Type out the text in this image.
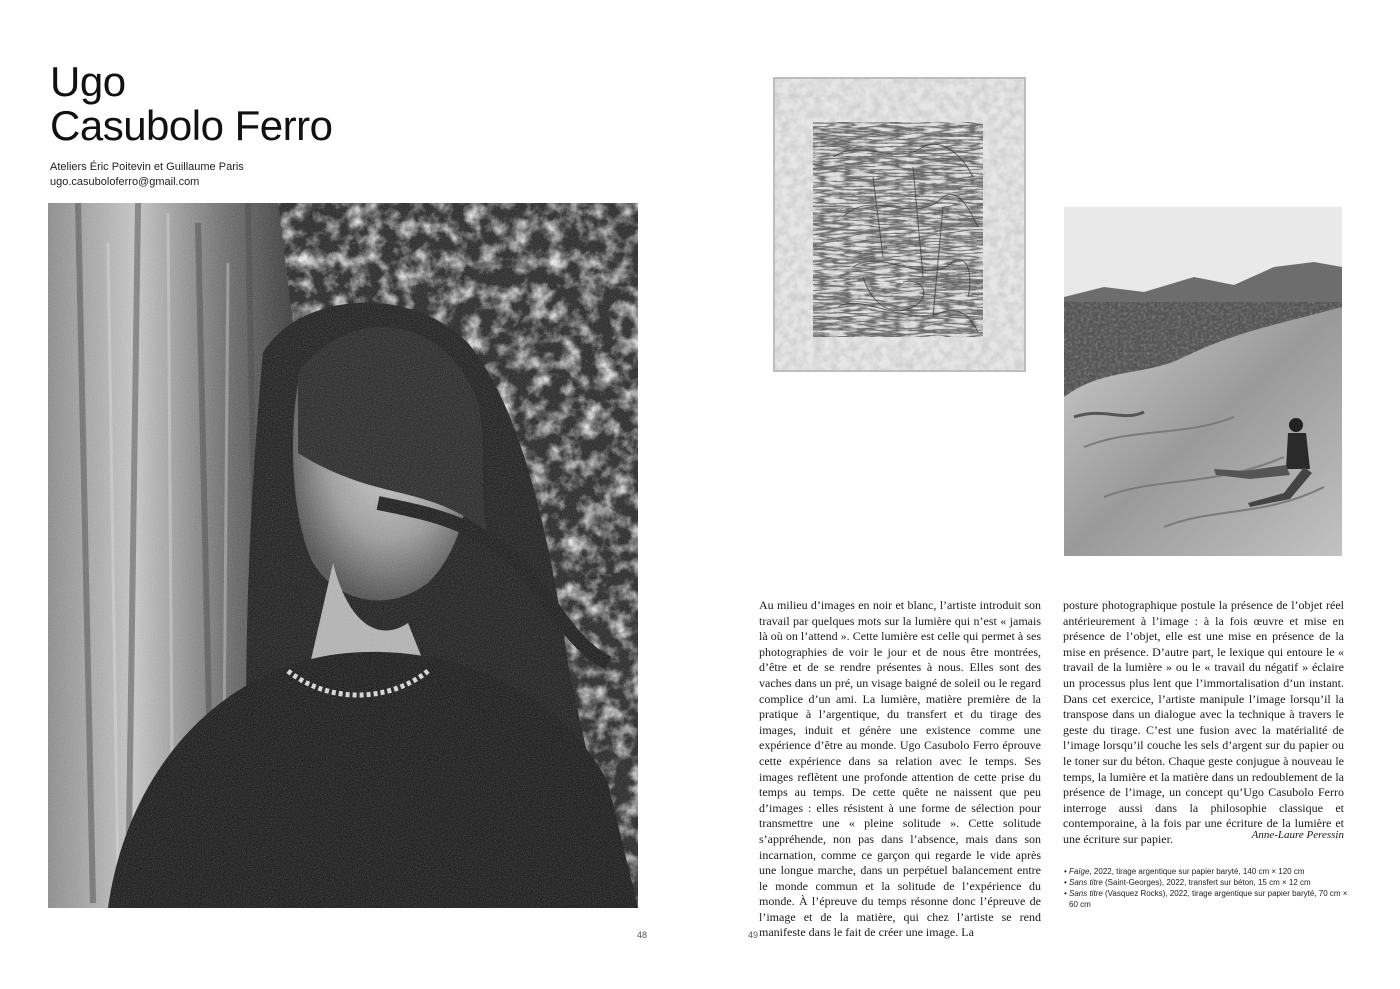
Ugo
Casubolo Ferro
Ateliers Éric Poitevin et Guillaume Paris
ugo.casuboloferro@gmail.com
48

Au milieu d’images en noir et blanc, l’artiste introduit son travail par quelques mots sur la lumière qui n’est « jamais là où on l’attend ». Cette lumière est celle qui permet à ses photographies de voir le jour et de nous être montrées, d’être et de se rendre présentes à nous. Elles sont des vaches dans un pré, un visage baigné de soleil ou le regard complice d’un ami. La lumière, matière première de la pratique à l’argentique, du transfert et du tirage des images, induit et génère une existence comme une expérience d’être au monde. Ugo Casubolo Ferro éprouve cette expérience dans sa relation avec le temps. Ses images reflètent une profonde attention de cette prise du temps au temps. De cette quête ne naissent que peu d’images : elles résistent à une forme de sélection pour transmettre une « pleine solitude ». Cette solitude s’appréhende, non pas dans l’absence, mais dans son incarnation, comme ce garçon qui regarde le vide après une longue marche, dans un perpétuel balancement entre le monde commun et la solitude de l’expérience du monde. À l’épreuve du temps résonne donc l’épreuve de l’image et de la matière, qui chez l’artiste se rend manifeste dans le fait de créer une image. La

posture photographique postule la présence de l’objet réel antérieurement à l’image : à la fois œuvre et mise en présence de l’objet, elle est une mise en présence de la mise en présence. D’autre part, le lexique qui entoure le « travail de la lumière » ou le « travail du négatif » éclaire un processus plus lent que l’immortalisation d’un instant. Dans cet exercice, l’artiste manipule l’image lorsqu’il la transpose dans un dialogue avec la technique à travers le geste du tirage. C’est une fusion avec la matérialité de l’image lorsqu’il couche les sels d’argent sur du papier ou le toner sur du béton. Chaque geste conjugue à nouveau le temps, la lumière et la matière dans un redoublement de la présence de l’image, un concept qu’Ugo Casubolo Ferro interroge aussi dans la philosophie classique et contemporaine, à la fois par une écriture de la lumière et une écriture sur papier.	Anne-Laure Peressin
• Faïge, 2022, tirage argentique sur papier baryté, 140 cm × 120 cm
• Sans titre (Saint-Georges), 2022, transfert sur béton, 15 cm × 12 cm
• Sans titre (Vasquez Rocks), 2022, tirage argentique sur papier baryté, 70 cm × 60 cm
49
